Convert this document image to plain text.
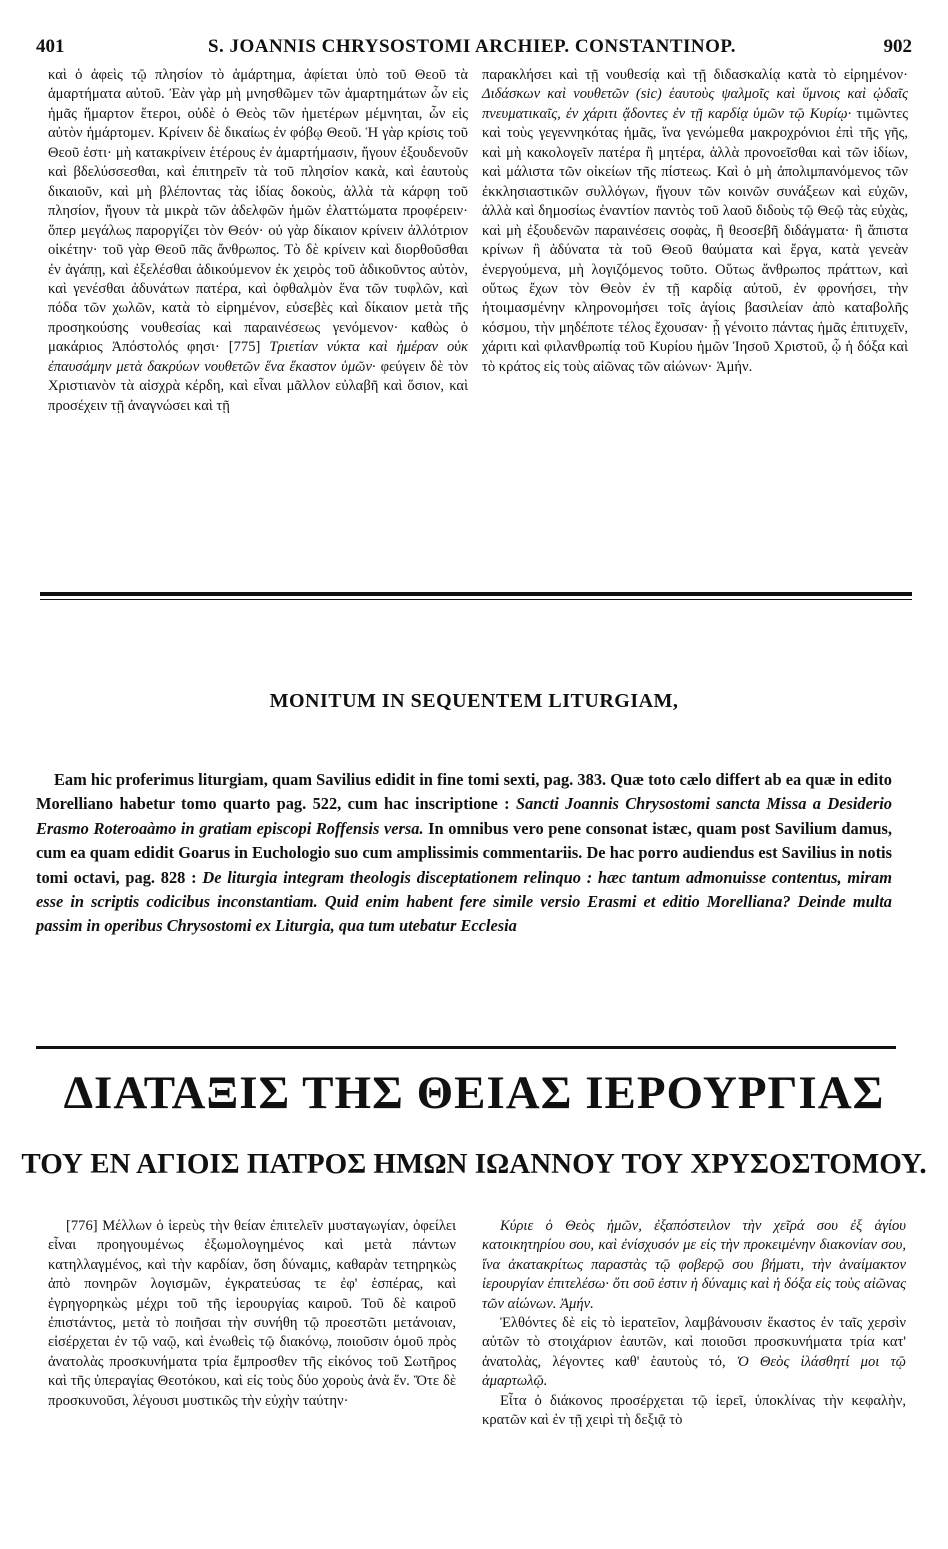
401	S. JOANNIS CHRYSOSTOMI ARCHIEP. CONSTANTINOP.	902

καὶ ὁ ἀφεὶς τῷ πλησίον τὸ ἁμάρτημα, ἀφίεται ὑπὸ τοῦ Θεοῦ τὰ ἁμαρτήματα αὐτοῦ. Ἐὰν γὰρ μὴ μνησθῶμεν τῶν ἁμαρτημάτων ὧν εἰς ἡμᾶς ἥμαρτον ἕτεροι, οὐδὲ ὁ Θεὸς τῶν ἡμετέρων μέμνηται, ὧν εἰς αὐτὸν ἡμάρτομεν. Κρίνειν δὲ δικαίως ἐν φόβῳ Θεοῦ. Ἡ γὰρ κρίσις τοῦ Θεοῦ ἐστι· μὴ κατακρίνειν ἑτέρους ἐν ἁμαρτήμασιν, ἤγουν ἐξουδενοῦν καὶ βδελύσσεσθαι, καὶ ἐπιτηρεῖν τὰ τοῦ πλησίον κακὰ, καὶ ἑαυτοὺς δικαιοῦν, καὶ μὴ βλέποντας τὰς ἰδίας δοκοὺς, ἀλλὰ τὰ κάρφη τοῦ πλησίον, ἤγουν τὰ μικρὰ τῶν ἀδελφῶν ἡμῶν ἐλαττώματα προφέρειν· ὅπερ μεγάλως παροργίζει τὸν Θεόν· οὐ γὰρ δίκαιον κρίνειν ἀλλότριον οἰκέτην· τοῦ γὰρ Θεοῦ πᾶς ἄνθρωπος. Τὸ δὲ κρίνειν καὶ διορθοῦσθαι ἐν ἀγάπῃ, καὶ ἐξελέσθαι ἀδικούμενον ἐκ χειρὸς τοῦ ἀδικοῦντος αὐτὸν, καὶ γενέσθαι ἀδυνάτων πατέρα, καὶ ὀφθαλμὸν ἕνα τῶν τυφλῶν, καὶ πόδα τῶν χωλῶν, κατὰ τὸ εἰρημένον, εὐσεβὲς καὶ δίκαιον μετὰ τῆς προσηκούσης νουθεσίας καὶ παραινέσεως γενόμενον· καθὼς ὁ μακάριος Ἀπόστολός φησι· [775] Τριετίαν νύκτα καὶ ἡμέραν οὐκ ἐπαυσάμην μετὰ δακρύων νουθετῶν ἕνα ἕκαστον ὑμῶν· φεύγειν δὲ τὸν Χριστιανὸν τὰ αἰσχρὰ κέρδη, καὶ εἶναι μᾶλλον εὐλαβῆ καὶ ὅσιον, καὶ προσέχειν τῇ ἀναγνώσει καὶ τῇ

παρακλήσει καὶ τῇ νουθεσίᾳ καὶ τῇ διδασκαλίᾳ κατὰ τὸ εἰρημένον· Διδάσκων καὶ νουθετῶν (sic) ἑαυτοὺς ψαλμοῖς καὶ ὕμνοις καὶ ᾠδαῖς πνευματικαῖς, ἐν χάριτι ᾄδοντες ἐν τῇ καρδίᾳ ὑμῶν τῷ Κυρίῳ· τιμῶντες καὶ τοὺς γεγεννηκότας ἡμᾶς, ἵνα γενώμεθα μακροχρόνιοι ἐπὶ τῆς γῆς, καὶ μὴ κακολογεῖν πατέρα ἢ μητέρα, ἀλλὰ προνοεῖσθαι καὶ τῶν ἰδίων, καὶ μάλιστα τῶν οἰκείων τῆς πίστεως. Καὶ ὁ μὴ ἀπολιμπανόμενος τῶν ἐκκλησιαστικῶν συλλόγων, ἤγουν τῶν κοινῶν συνάξεων καὶ εὐχῶν, ἀλλὰ καὶ δημοσίως ἐναντίον παντὸς τοῦ λαοῦ διδοὺς τῷ Θεῷ τὰς εὐχὰς, καὶ μὴ ἐξουδενῶν παραινέσεις σοφὰς, ἢ θεοσεβῆ διδάγματα· ἢ ἄπιστα κρίνων ἢ ἀδύνατα τὰ τοῦ Θεοῦ θαύματα καὶ ἔργα, κατὰ γενεὰν ἐνεργούμενα, μὴ λογιζόμενος τοῦτο. Οὕτως ἄνθρωπος πράττων, καὶ οὕτως ἔχων τὸν Θεὸν ἐν τῇ καρδίᾳ αὐτοῦ, ἐν φρονήσει, τὴν ἡτοιμασμένην κληρονομήσει τοῖς ἁγίοις βασιλείαν ἀπὸ καταβολῆς κόσμου, τὴν μηδέποτε τέλος ἔχουσαν· ᾗ γένοιτο πάντας ἡμᾶς ἐπιτυχεῖν, χάριτι καὶ φιλανθρωπίᾳ τοῦ Κυρίου ἡμῶν Ἰησοῦ Χριστοῦ, ᾧ ἡ δόξα καὶ τὸ κράτος εἰς τοὺς αἰῶνας τῶν αἰώνων· Ἀμήν.

MONITUM IN SEQUENTEM LITURGIAM,

Eam hic proferimus liturgiam, quam Savilius edidit in fine tomi sexti, pag. 383. Quæ toto cælo differt ab ea quæ in edito Morelliano habetur tomo quarto pag. 522, cum hac inscriptione : Sancti Joannis Chrysostomi sancta Missa a Desiderio Erasmo Roteroaàmo in gratiam episcopi Roffensis versa. In omnibus vero pene consonat istæc, quam post Savilium damus, cum ea quam edidit Goarus in Euchologio suo cum amplissimis commentariis. De hac porro audiendus est Savilius in notis tomi octavi, pag. 828 : De liturgia integram theologis disceptationem relinquo : hæc tantum admonuisse contentus, miram esse in scriptis codicibus inconstantiam. Quid enim habent fere simile versio Erasmi et editio Morelliana? Deinde multa passim in operibus Chrysostomi ex Liturgia, qua tum utebatur Ecclesia

ΔΙΑΤΑΞΙΣ ΤΗΣ ΘΕΙΑΣ ΙΕΡΟΥΡΓΙΑΣ
ΤΟΥ ΕΝ ΑΓΙΟΙΣ ΠΑΤΡΟΣ ΗΜΩΝ ΙΩΑΝΝΟΥ ΤΟΥ ΧΡΥΣΟΣΤΟΜΟΥ.

[776] Μέλλων ὁ ἱερεὺς τὴν θείαν ἐπιτελεῖν μυσταγωγίαν, ὀφείλει εἶναι προηγουμένως ἐξωμολογημένος καὶ μετὰ πάντων κατηλλαγμένος, καὶ τὴν καρδίαν, ὅση δύναμις, καθαρὰν τετηρηκὼς ἀπὸ πονηρῶν λογισμῶν, ἐγκρατεύσας τε ἐφ' ἑσπέρας, καὶ ἐγρηγορηκὼς μέχρι τοῦ τῆς ἱερουργίας καιροῦ. Τοῦ δὲ καιροῦ ἐπιστάντος, μετὰ τὸ ποιῆσαι τὴν συνήθη τῷ προεστῶτι μετάνοιαν, εἰσέρχεται ἐν τῷ ναῷ, καὶ ἑνωθεὶς τῷ διακόνῳ, ποιοῦσιν ὁμοῦ πρὸς ἀνατολὰς προσκυνήματα τρία ἔμπροσθεν τῆς εἰκόνος τοῦ Σωτῆρος καὶ τῆς ὑπεραγίας Θεοτόκου, καὶ εἰς τοὺς δύο χοροὺς ἀνὰ ἕν. Ὅτε δὲ προσκυνοῦσι, λέγουσι μυστικῶς τὴν εὐχὴν ταύτην·

Κύριε ὁ Θεὸς ἡμῶν, ἐξαπόστειλον τὴν χεῖρά σου ἐξ ἁγίου κατοικητηρίου σου, καὶ ἐνίσχυσόν με εἰς τὴν προκειμένην διακονίαν σου, ἵνα ἀκατακρίτως παραστὰς τῷ φοβερῷ σου βήματι, τὴν ἀναίμακτον ἱερουργίαν ἐπιτελέσω· ὅτι σοῦ ἐστιν ἡ δύναμις καὶ ἡ δόξα εἰς τοὺς αἰῶνας τῶν αἰώνων. Ἀμήν.

Ἐλθόντες δὲ εἰς τὸ ἱερατεῖον, λαμβάνουσιν ἕκαστος ἐν ταῖς χερσὶν αὐτῶν τὸ στοιχάριον ἑαυτῶν, καὶ ποιοῦσι προσκυνήματα τρία κατ' ἀνατολὰς, λέγοντες καθ' ἑαυτοὺς τό, Ὁ Θεὸς ἱλάσθητί μοι τῷ ἁμαρτωλῷ.

Εἶτα ὁ διάκονος προσέρχεται τῷ ἱερεῖ, ὑποκλίνας τὴν κεφαλὴν, κρατῶν καὶ ἐν τῇ χειρὶ τὴ δεξιᾷ τὸ
